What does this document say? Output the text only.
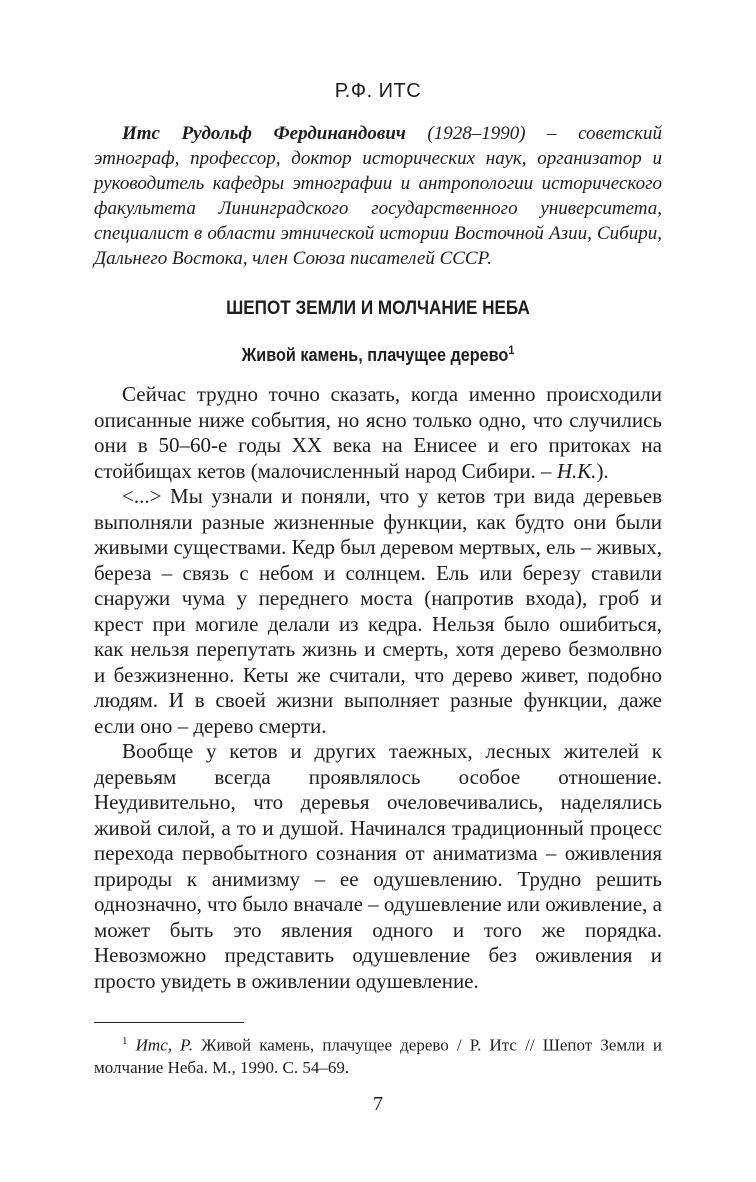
Р.Ф. ИТС

Итс Рудольф Фердинандович (1928–1990) – советский этнограф, профессор, доктор исторических наук, организатор и руководитель кафедры этнографии и антропологии исторического факультета Лининградского государственного университета, специалист в области этнической истории Восточной Азии, Сибири, Дальнего Востока, член Союза писателей СССР.

ШЕПОТ ЗЕМЛИ И МОЛЧАНИЕ НЕБА
Живой камень, плачущее дерево$^1$

Сейчас трудно точно сказать, когда именно происходили описанные ниже события, но ясно только одно, что случились они в 50–60-е годы XX века на Енисее и его притоках на стойбищах кетов (малочисленный народ Сибири. – Н.К.).

<...> Мы узнали и поняли, что у кетов три вида деревьев выполняли разные жизненные функции, как будто они были живыми существами. Кедр был деревом мертвых, ель – живых, береза – связь с небом и солнцем. Ель или березу ставили снаружи чума у переднего моста (напротив входа), гроб и крест при могиле делали из кедра. Нельзя было ошибиться, как нельзя перепутать жизнь и смерть, хотя дерево безмолвно и безжизненно. Кеты же считали, что дерево живет, подобно людям. И в своей жизни выполняет разные функции, даже если оно – дерево смерти.

Вообще у кетов и других таежных, лесных жителей к деревьям всегда проявлялось особое отношение. Неудивительно, что деревья очеловечивались, наделялись живой силой, а то и душой. Начинался традиционный процесс перехода первобытного сознания от аниматизма – оживления природы к анимизму – ее одушевлению. Трудно решить однозначно, что было вначале – одушевление или оживление, а может быть это явления одного и того же порядка. Невозможно представить одушевление без оживления и просто увидеть в оживлении одушевление.

$^1$ Итс, Р. Живой камень, плачущее дерево / Р. Итс // Шепот Земли и молчание Неба. М., 1990. С. 54–69.

7
